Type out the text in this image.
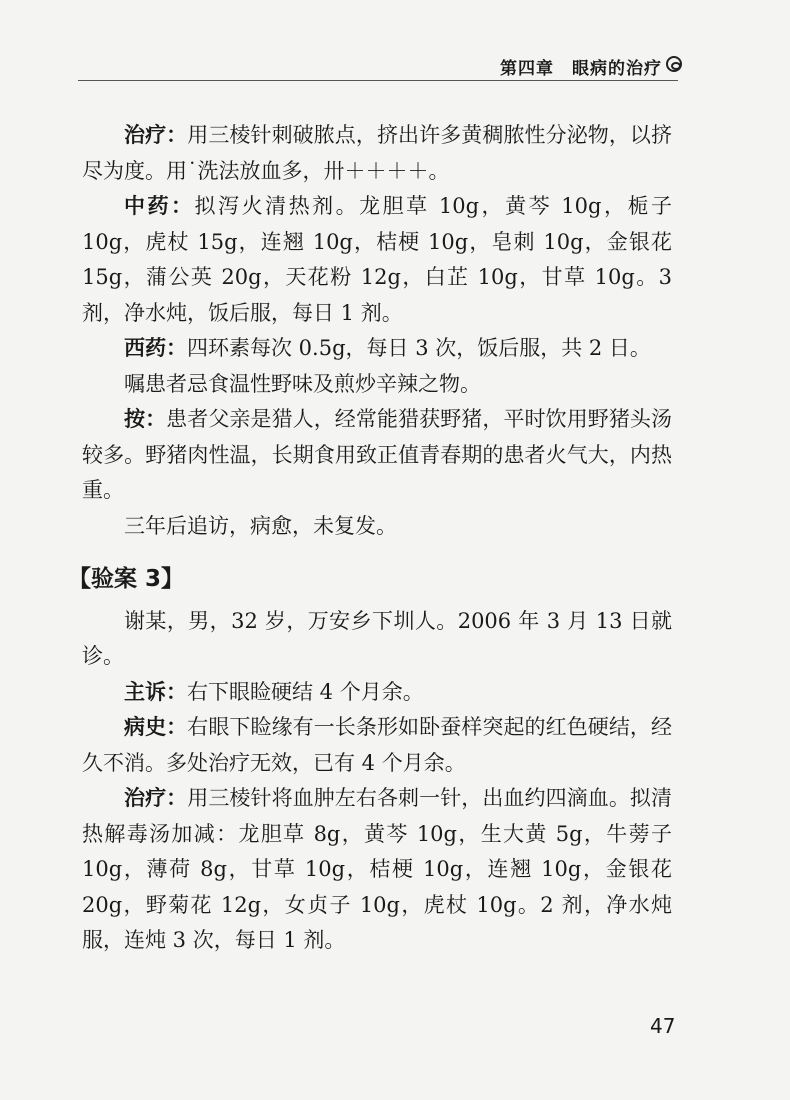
第四章　眼病的治疗

治疗：用三棱针刺破脓点，挤出许多黄稠脓性分泌物，以挤尽为度。用˙洗法放血多，卅＋＋＋＋。

中药：拟泻火清热剂。龙胆草 10g，黄芩 10g，栀子 10g，虎杖 15g，连翘 10g，桔梗 10g，皂刺 10g，金银花 15g，蒲公英 20g，天花粉 12g，白芷 10g，甘草 10g。3 剂，净水炖，饭后服，每日 1 剂。

西药：四环素每次 0.5g，每日 3 次，饭后服，共 2 日。

嘱患者忌食温性野味及煎炒辛辣之物。

按：患者父亲是猎人，经常能猎获野猪，平时饮用野猪头汤较多。野猪肉性温，长期食用致正值青春期的患者火气大，内热重。

三年后追访，病愈，未复发。

【验案 3】

谢某，男，32 岁，万安乡下圳人。2006 年 3 月 13 日就诊。

主诉：右下眼睑硬结 4 个月余。

病史：右眼下睑缘有一长条形如卧蚕样突起的红色硬结，经久不消。多处治疗无效，已有 4 个月余。

治疗：用三棱针将血肿左右各刺一针，出血约四滴血。拟清热解毒汤加减：龙胆草 8g，黄芩 10g，生大黄 5g，牛蒡子 10g，薄荷 8g，甘草 10g，桔梗 10g，连翘 10g，金银花 20g，野菊花 12g，女贞子 10g，虎杖 10g。2 剂，净水炖服，连炖 3 次，每日 1 剂。

47
